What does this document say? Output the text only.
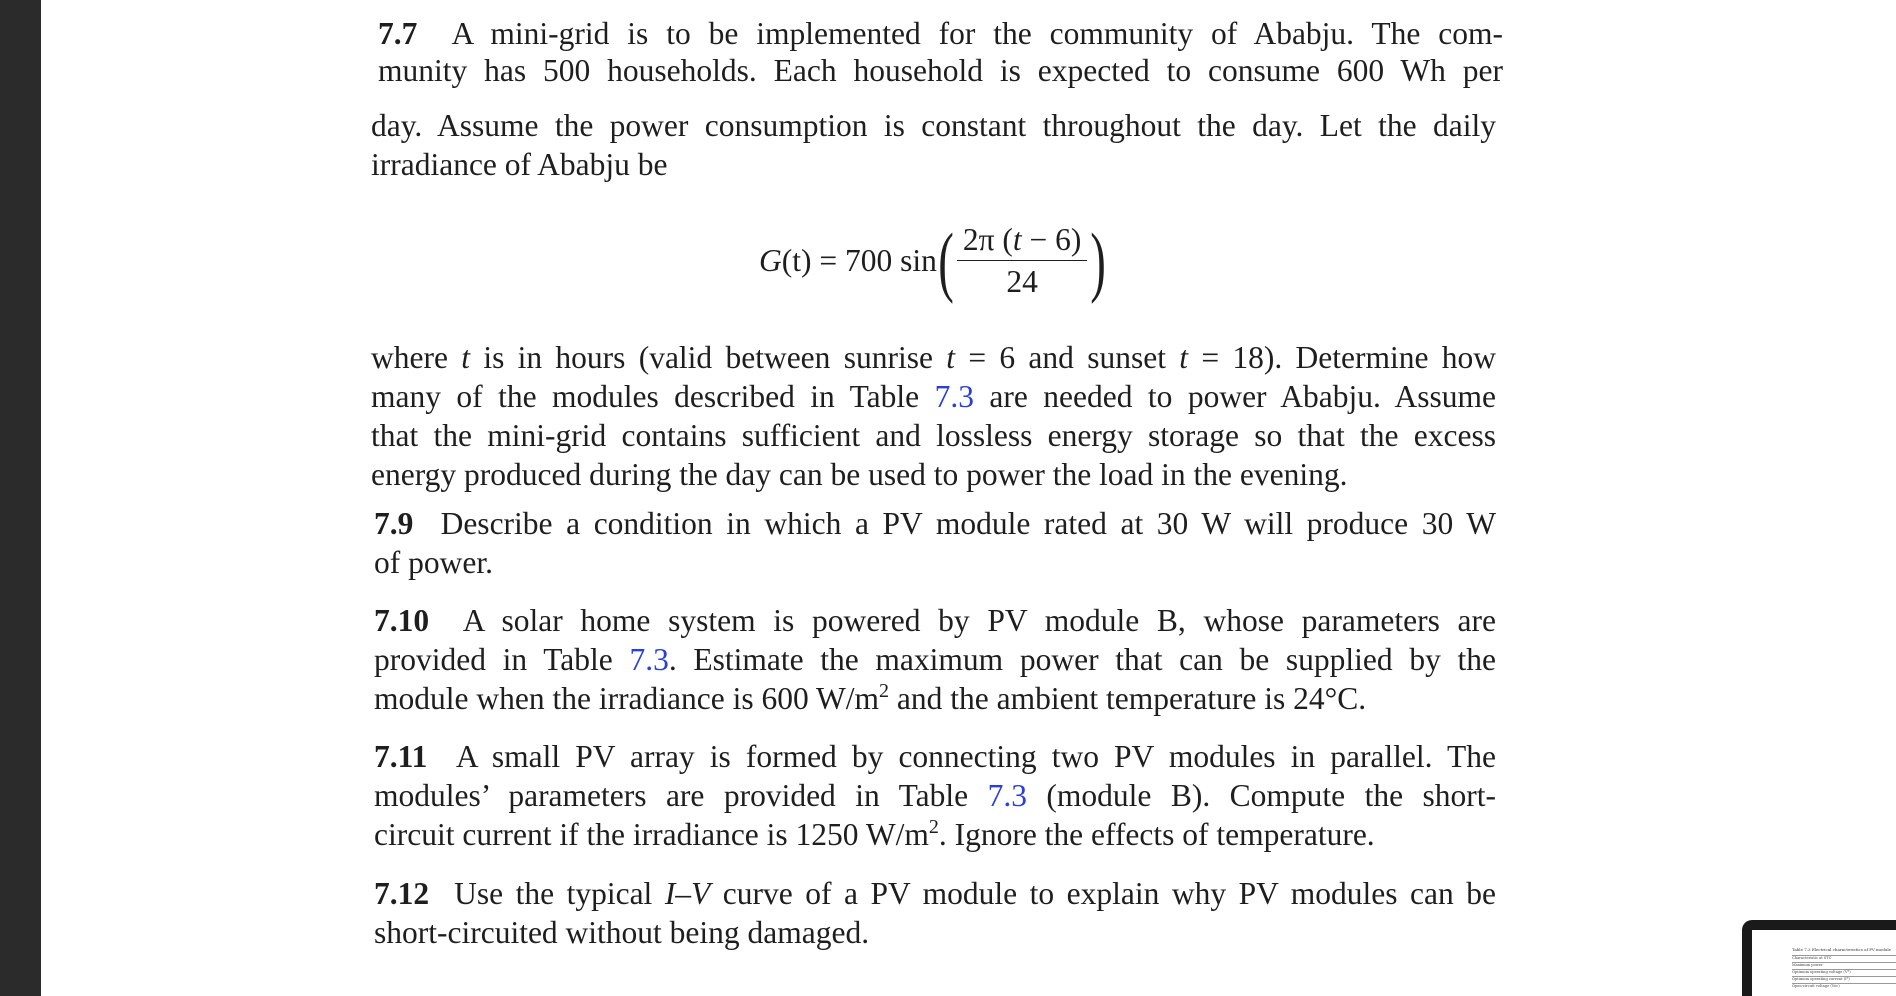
7.7 A mini-grid is to be implemented for the community of Ababju. The com-
munity has 500 households. Each household is expected to consume 600 Wh per
day. Assume the power consumption is constant throughout the day. Let the daily
irradiance of Ababju be
G (t)
=
700 sin ( $\frac{2\pi (t - 6)}{24}$ )
where t is in hours (valid between sunrise t = 6 and sunset t = 18). Determine how
many of the modules described in Table 7.3 are needed to power Ababju. Assume
that the mini-grid contains sufficient and lossless energy storage so that the excess
energy produced during the day can be used to power the load in the evening.
7.9 Describe a condition in which a PV module rated at 30 W will produce 30 W
of power.
7.10 A solar home system is powered by PV module B, whose parameters are
provided in Table 7.3. Estimate the maximum power that can be supplied by the
module when the irradiance is 600 $W/m^2$ and the ambient temperature is 24°C.
7.11 A small PV array is formed by connecting two PV modules in parallel. The
modules’ parameters are provided in Table 7.3 (module B). Compute the short-
circuit current if the irradiance is 1250 $W/m^2$. Ignore the effects of temperature.
7.12 Use the typical I–V curve of a PV module to explain why PV modules can be
short-circuited without being damaged.	Table 7.3 Electrical characteristics of PV module
Characteristic at STC
Maximum power
Optimum operating voltage (V*)
Optimum operating current (I*)
Open-circuit voltage (Voc)
